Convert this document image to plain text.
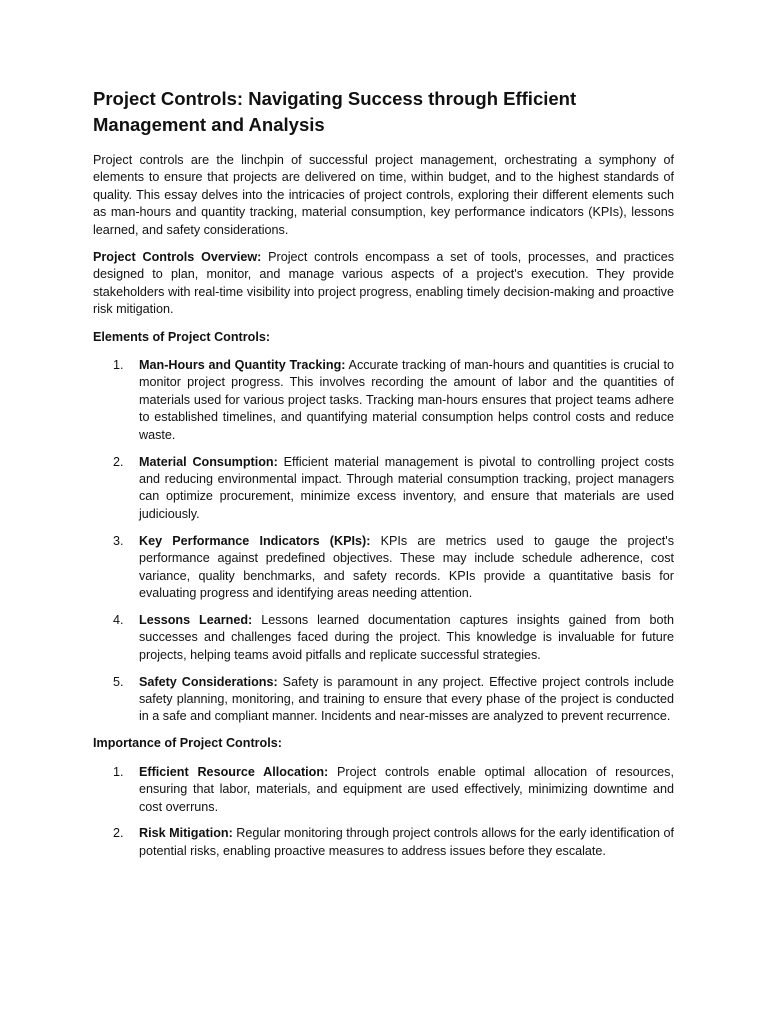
Project Controls: Navigating Success through Efficient Management and Analysis

Project controls are the linchpin of successful project management, orchestrating a symphony of elements to ensure that projects are delivered on time, within budget, and to the highest standards of quality. This essay delves into the intricacies of project controls, exploring their different elements such as man-hours and quantity tracking, material consumption, key performance indicators (KPIs), lessons learned, and safety considerations.

Project Controls Overview: Project controls encompass a set of tools, processes, and practices designed to plan, monitor, and manage various aspects of a project's execution. They provide stakeholders with real-time visibility into project progress, enabling timely decision-making and proactive risk mitigation.

Elements of Project Controls:

1. Man-Hours and Quantity Tracking: Accurate tracking of man-hours and quantities is crucial to monitor project progress. This involves recording the amount of labor and the quantities of materials used for various project tasks. Tracking man-hours ensures that project teams adhere to established timelines, and quantifying material consumption helps control costs and reduce waste.
2. Material Consumption: Efficient material management is pivotal to controlling project costs and reducing environmental impact. Through material consumption tracking, project managers can optimize procurement, minimize excess inventory, and ensure that materials are used judiciously.
3. Key Performance Indicators (KPIs): KPIs are metrics used to gauge the project's performance against predefined objectives. These may include schedule adherence, cost variance, quality benchmarks, and safety records. KPIs provide a quantitative basis for evaluating progress and identifying areas needing attention.
4. Lessons Learned: Lessons learned documentation captures insights gained from both successes and challenges faced during the project. This knowledge is invaluable for future projects, helping teams avoid pitfalls and replicate successful strategies.
5. Safety Considerations: Safety is paramount in any project. Effective project controls include safety planning, monitoring, and training to ensure that every phase of the project is conducted in a safe and compliant manner. Incidents and near-misses are analyzed to prevent recurrence.

Importance of Project Controls:

1. Efficient Resource Allocation: Project controls enable optimal allocation of resources, ensuring that labor, materials, and equipment are used effectively, minimizing downtime and cost overruns.
2. Risk Mitigation: Regular monitoring through project controls allows for the early identification of potential risks, enabling proactive measures to address issues before they escalate.
